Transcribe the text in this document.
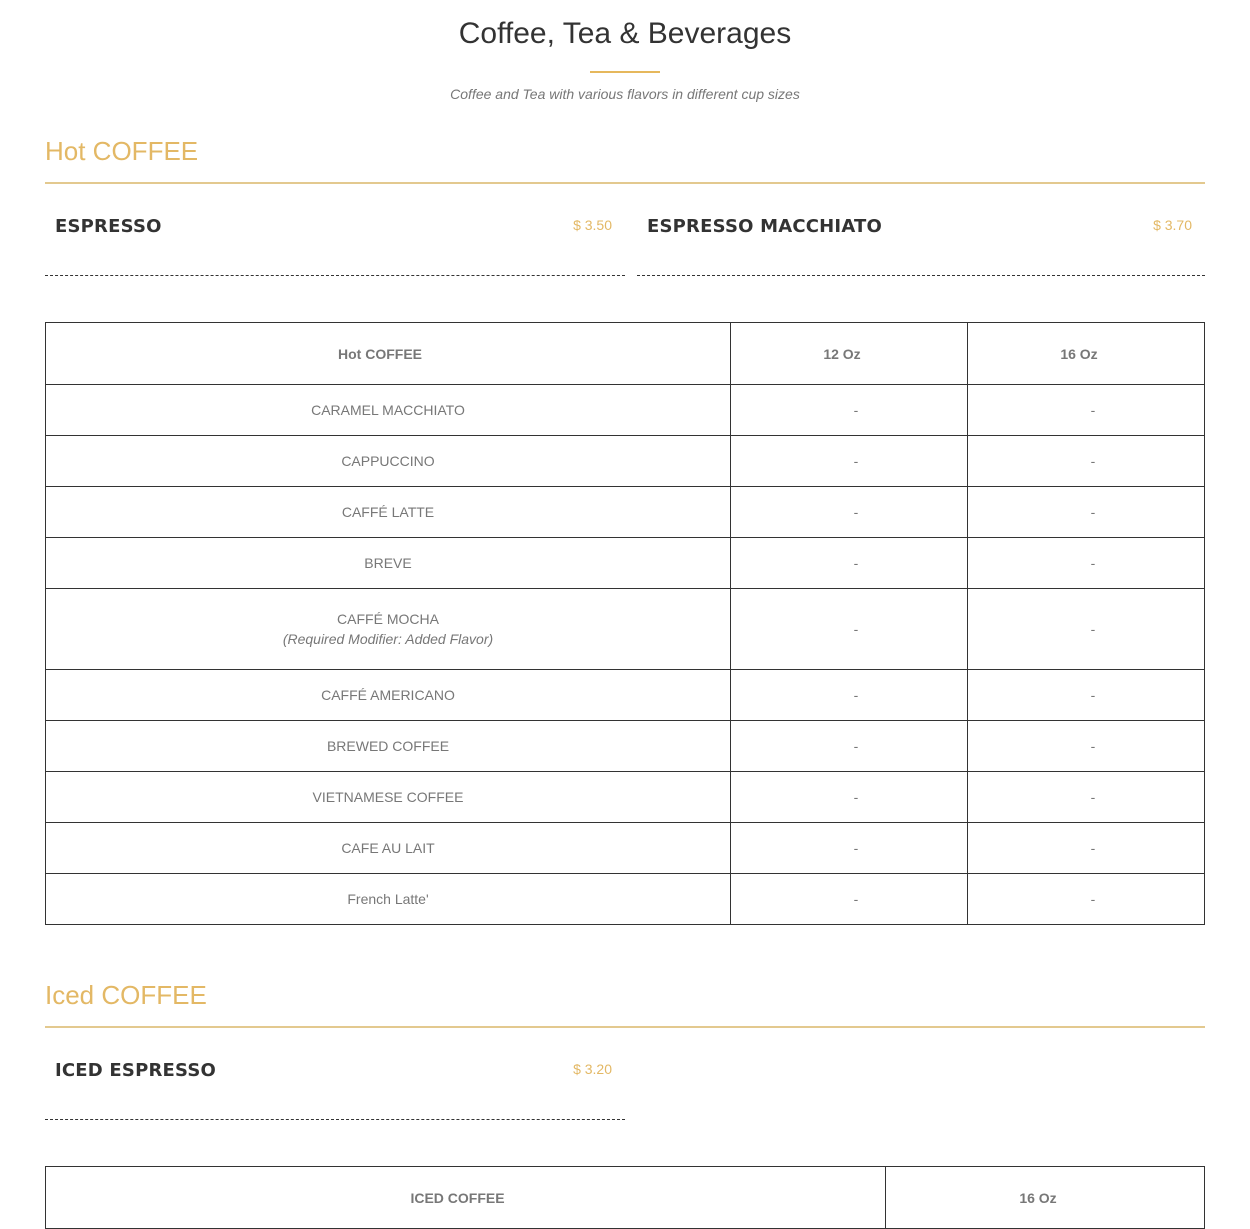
Coffee, Tea & Beverages
Coffee and Tea with various flavors in different cup sizes
Hot COFFEE
ESPRESSO	$ 3.50 ESPRESSO MACCHIATO	$ 3.70
Hot COFFEE	12 Oz	16 Oz
CARAMEL MACCHIATO	-	-
CAPPUCCINO	-	-
CAFFÉ LATTE	-	-
BREVE	-	-
CAFFÉ MOCHA
(Required Modifier: Added Flavor)	-	-
CAFFÉ AMERICANO	-	-
BREWED COFFEE	-	-
VIETNAMESE COFFEE	-	-
CAFE AU LAIT	-	-
French Latte'	-	-
Iced COFFEE
ICED ESPRESSO	$ 3.20
ICED COFFEE	16 Oz
